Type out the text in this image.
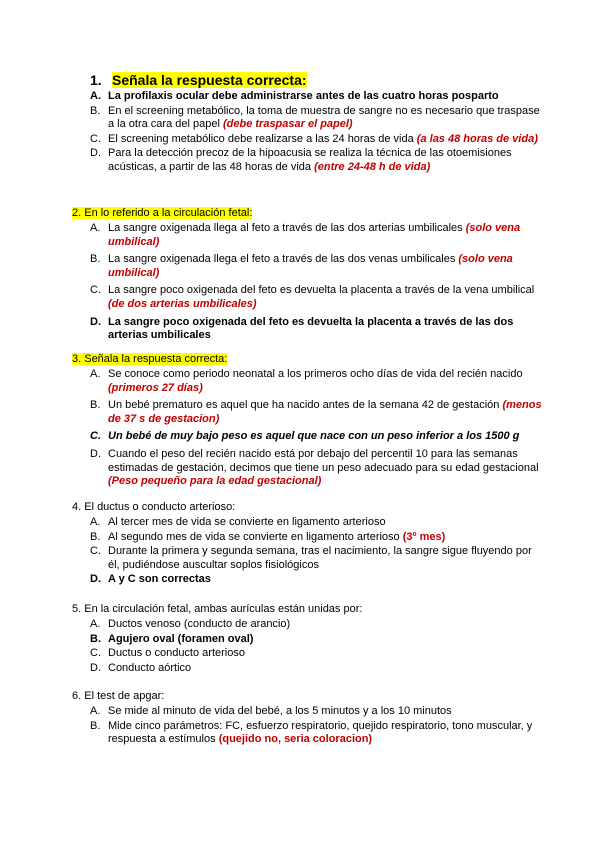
1. Señala la respuesta correcta:
A. La profilaxis ocular debe administrarse antes de las cuatro horas posparto
B. En el screening metabólico, la toma de muestra de sangre no es necesario que traspase a la otra cara del papel (debe traspasar el papel)
C. El screening metabólico debe realizarse a las 24 horas de vida (a las 48 horas de vida)
D. Para la detección precoz de la hipoacusia se realiza la técnica de las otoemisiones acústicas, a partir de las 48 horas de vida (entre 24-48 h de vida)
2. En lo referido a la circulación fetal:
A. La sangre oxigenada llega al feto a través de las dos arterias umbilicales (solo vena umbilical)
B. La sangre oxigenada llega el feto a través de las dos venas umbilicales (solo vena umbilical)
C. La sangre poco oxigenada del feto es devuelta la placenta a través de la vena umbilical (de dos arterias umbilicales)
D. La sangre poco oxigenada del feto es devuelta la placenta a través de las dos arterias umbilicales
3. Señala la respuesta correcta:
A. Se conoce como periodo neonatal a los primeros ocho días de vida del recién nacido (primeros 27 días)
B. Un bebé prematuro es aquel que ha nacido antes de la semana 42 de gestación (menos de 37 s de gestacion)
C. Un bebé de muy bajo peso es aquel que nace con un peso inferior a los 1500 g
D. Cuando el peso del recién nacido está por debajo del percentil 10 para las semanas estimadas de gestación, decimos que tiene un peso adecuado para su edad gestacional (Peso pequeño para la edad gestacional)
4. El ductus o conducto arterioso:
A. Al tercer mes de vida se convierte en ligamento arterioso
B. Al segundo mes de vida se convierte en ligamento arterioso (3º mes)
C. Durante la primera y segunda semana, tras el nacimiento, la sangre sigue fluyendo por él, pudiéndose auscultar soplos fisiológicos
D. A y C son correctas
5. En la circulación fetal, ambas aurículas están unidas por:
A. Ductos venoso (conducto de arancio)
B. Agujero oval (foramen oval)
C. Ductus o conducto arterioso
D. Conducto aórtico
6. El test de apgar:
A. Se mide al minuto de vida del bebé, a los 5 minutos y a los 10 minutos
B. Mide cinco parámetros: FC, esfuerzo respiratorio, quejido respiratorio, tono muscular, y respuesta a estímulos (quejido no, seria coloracion)
